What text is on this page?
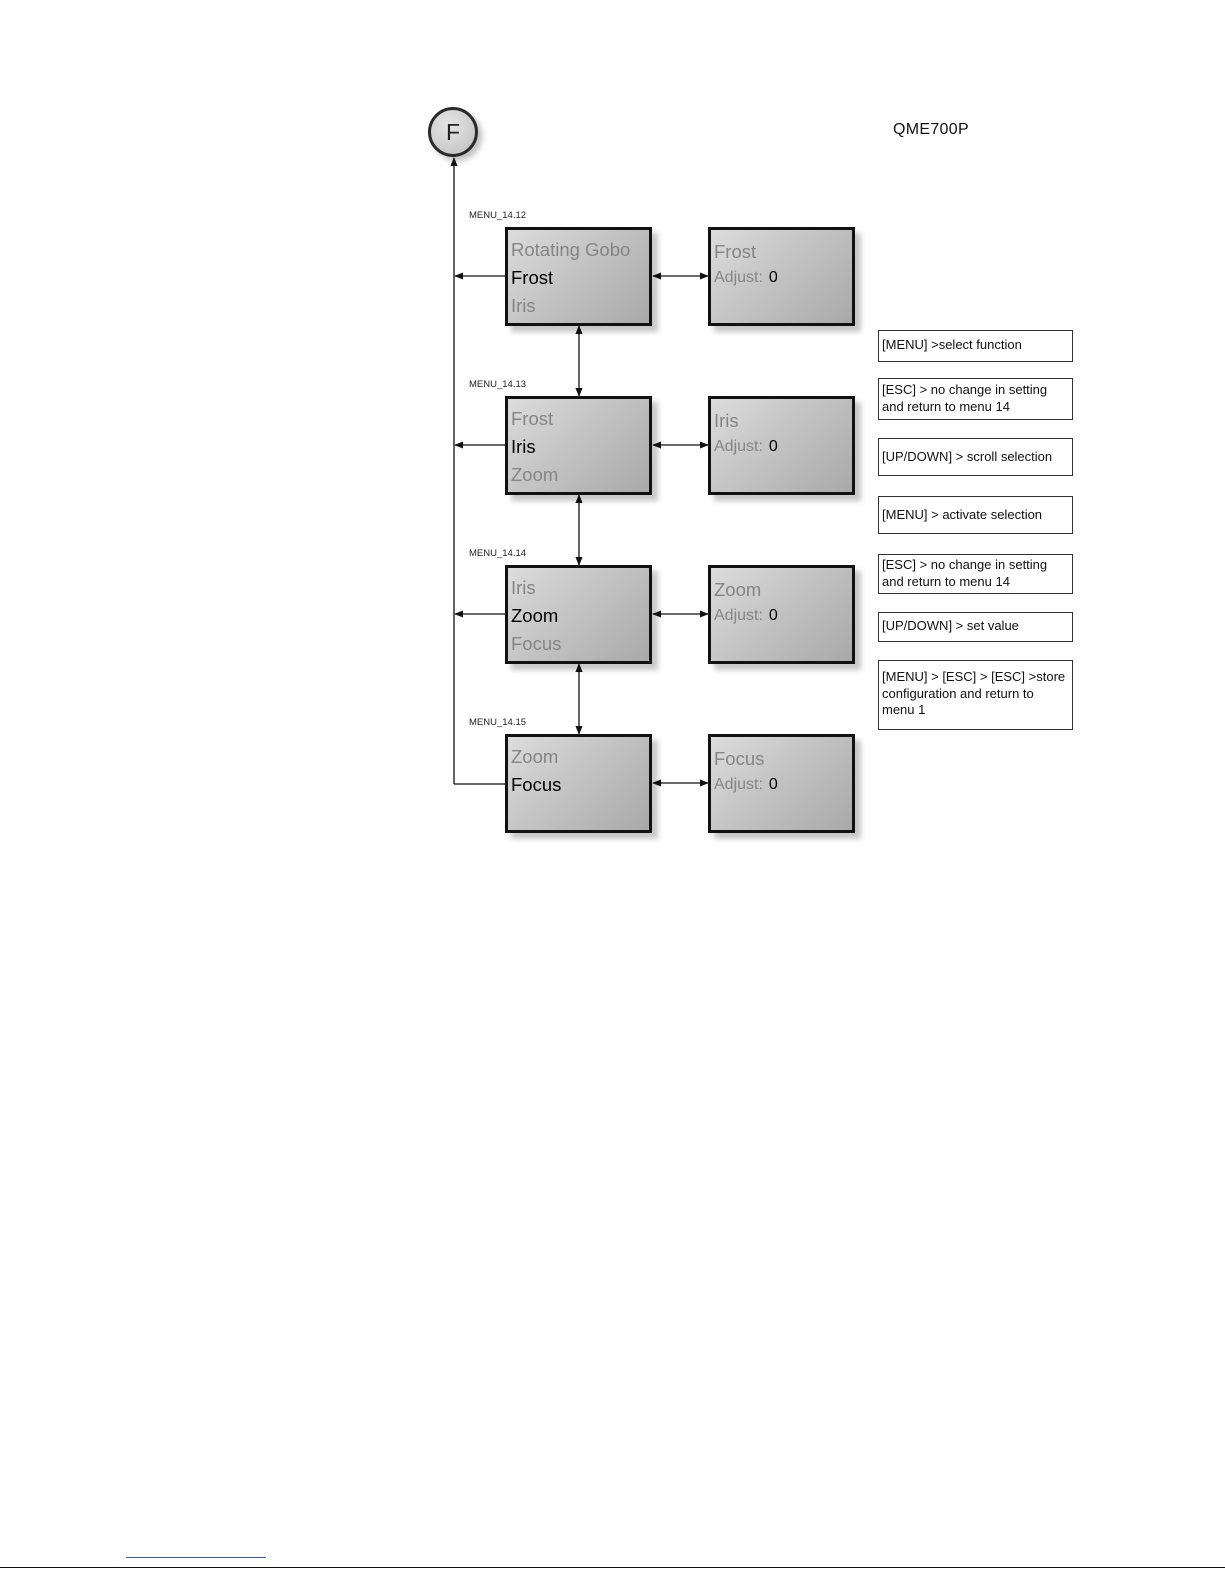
F	QME700P
MENU_14.12
Rotating Gobo
Frost
Iris
Frost
Adjust: 0
MENU_14.13
Frost
Iris
Zoom
Iris
Adjust: 0
MENU_14.14
Iris
Zoom
Focus
Zoom
Adjust: 0
MENU_14.15
Zoom
Focus
Focus
Adjust: 0
[MENU] >select function
[ESC] > no change in setting and return to menu 14
[UP/DOWN] > scroll selection
[MENU] > activate selection
[ESC] > no change in setting and return to menu 14
[UP/DOWN] > set value
[MENU] > [ESC] > [ESC] >store configuration and return to menu 1
